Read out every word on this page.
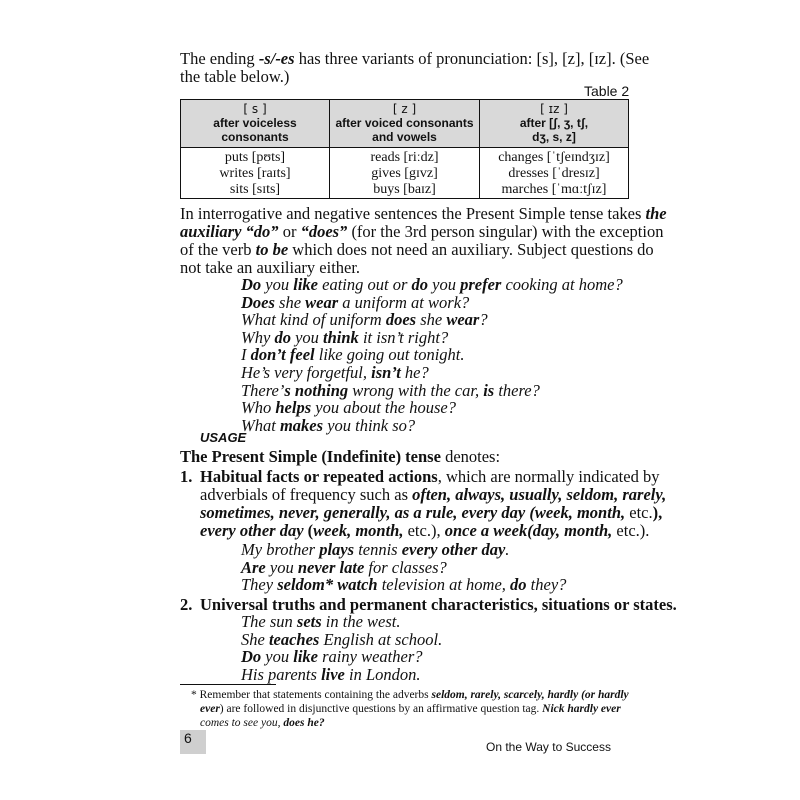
The ending -s/-es has three variants of pronunciation: [s], [z], [ɪz]. (See
the table below.)
Table 2
[ s ]
after voiceless
consonants
[ z ]
after voiced consonants
and vowels
[ ɪz ]
after [ʃ, ʒ, tʃ,
dʒ, s, z]
puts [pʊts]
writes [raɪts]
sits [sɪts]
reads [riːdz]
gives [gɪvz]
buys [baɪz]
changes [ˈtʃeɪndʒɪz]
dresses [ˈdresɪz]
marches [ˈmɑːtʃɪz]
In interrogative and negative sentences the Present Simple tense takes the
auxiliary “do” or “does” (for the 3rd person singular) with the exception
of the verb to be which does not need an auxiliary. Subject questions do
not take an auxiliary either.
Do you like eating out or do you prefer cooking at home?
Does she wear a uniform at work?
What kind of uniform does she wear?
Why do you think it isn’t right?
I don’t feel like going out tonight.
He’s very forgetful, isn’t he?
There’s nothing wrong with the car, is there?
Who helps you about the house?
What makes you think so?
USAGE
The Present Simple (Indefinite) tense denotes:
1. Habitual facts or repeated actions, which are normally indicated by
adverbials of frequency such as often, always, usually, seldom, rarely,
sometimes, never, generally, as a rule, every day (week, month, etc.),
every other day (week, month, etc.), once a week(day, month, etc.).
My brother plays tennis every other day.
Are you never late for classes?
They seldom* watch television at home, do they?
2. Universal truths and permanent characteristics, situations or states.
The sun sets in the west.
She teaches English at school.
Do you like rainy weather?
His parents live in London.
* Remember that statements containing the adverbs seldom, rarely, scarcely, hardly (or hardly
ever) are followed in disjunctive questions by an affirmative question tag. Nick hardly ever
comes to see you, does he?
6
On the Way to Success
